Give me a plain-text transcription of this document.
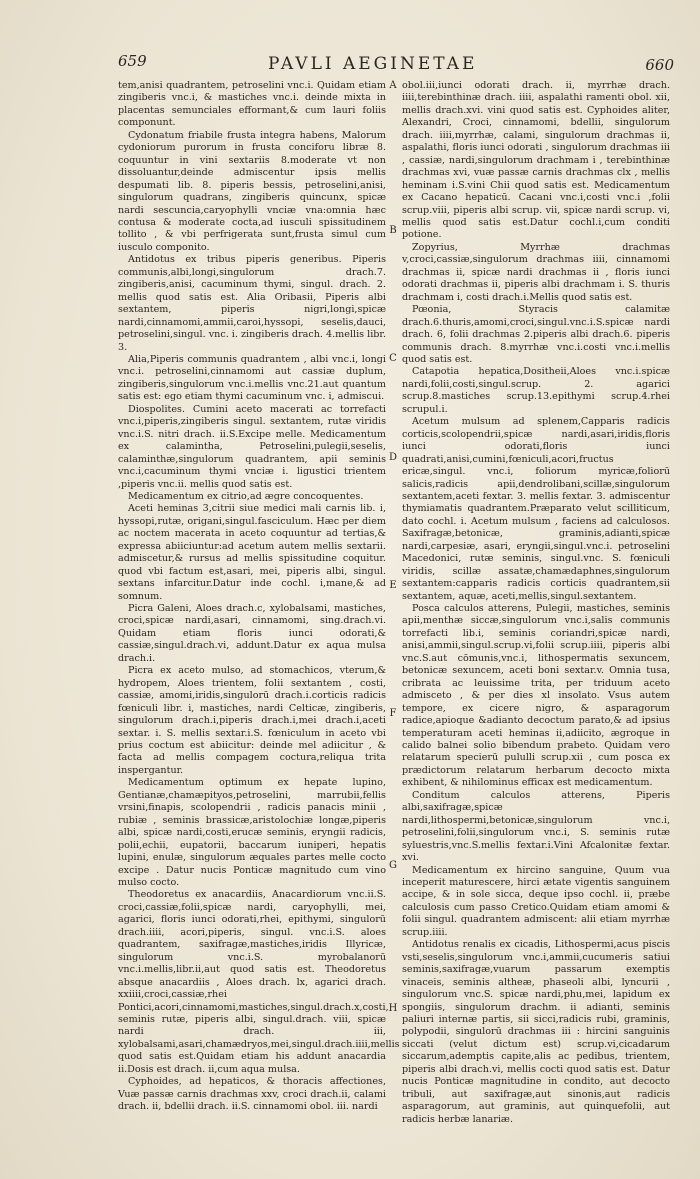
659	PAVLI AEGINETAE	660

tem,anisi quadrantem, petroselini vnc.i. Quidam etiam zingiberis vnc.i, & mastiches vnc.i. deinde mixta in placentas semunciales efformant,& cum lauri foliis componunt.

Cydonatum friabile frusta integra habens, Malorum cydoniorum purorum in frusta conciforu libræ 8. coquuntur in vini sextariis 8.moderate vt non dissoluantur,deinde admiscentur ipsis mellis despumati lib. 8. piperis bessis, petroselini,anisi, singulorum quadrans, zingiberis quincunx, spicæ nardi sescuncia,caryophylli vnciæ vna:omnia hæc contusa & moderate cocta,ad iusculi spissitudinem tollito , & vbi perfrigerata sunt,frusta simul cum iusculo componito.

Antidotus ex tribus piperis generibus. Piperis communis,albi,longi,singulorum drach.7. zingiberis,anisi, cacuminum thymi, singul. drach. 2. mellis quod satis est. Alia Oribasii, Piperis albi sextantem, piperis nigri,longi,spicæ nardi,cinnamomi,ammii,caroi,hyssopi, seselis,dauci, petroselini,singul. vnc. i. zingiberis drach. 4.mellis libr. 3.

Alia,Piperis communis quadrantem , albi vnc.i, longi vnc.i. petroselini,cinnamomi aut cassiæ duplum, zingiberis,singulorum vnc.i.mellis vnc.21.aut quantum satis est: ego etiam thymi cacuminum vnc. i, admiscui.

Diospolites. Cumini aceto macerati ac torrefacti vnc.i,piperis,zingiberis singul. sextantem, rutæ viridis vnc.i.S. nitri drach. ii.S.Excipe melle. Medicamentum ex calamintha, Petroselini,pulegii,seselis, calaminthæ,singulorum quadrantem, apii seminis vnc.i,cacuminum thymi vnciæ i. ligustici trientem ,piperis vnc.ii. mellis quod satis est.

Medicamentum ex citrio,ad ægre concoquentes.

Aceti heminas 3,citrii siue medici mali carnis lib. i, hyssopi,rutæ, origani,singul.fasciculum. Hæc per diem ac noctem macerata in aceto coquuntur ad tertias,& expressa abiiciuntur:ad acetum autem mellis sextarii. admiscetur,& rursus ad mellis spissitudine coquitur. quod vbi factum est,asari, mei, piperis albi, singul. sextans infarcitur.Datur inde cochl. i,mane,& ad somnum.

Picra Galeni, Aloes drach.c, xylobalsami, mastiches, croci,spicæ nardi,asari, cinnamomi, sing.drach.vi. Quidam etiam floris iunci odorati,& cassiæ,singul.drach.vi, addunt.Datur ex aqua mulsa drach.i.

Picra ex aceto mulso, ad stomachicos, vterum,& hydropem, Aloes trientem, folii sextantem , costi, cassiæ, amomi,iridis,singulorū drach.i.corticis radicis fœniculi libr. i, mastiches, nardi Celticæ, zingiberis, singulorum drach.i,piperis drach.i,mei drach.i,aceti sextar. i. S. mellis sextar.i.S. fœniculum in aceto vbi prius coctum est abiicitur: deinde mel adiicitur , & facta ad mellis compagem coctura,reliqua trita inspergantur.

Medicamentum optimum ex hepate lupino, Gentianæ,chamæpityos,petroselini, marrubii,fellis vrsini,finapis, scolopendrii , radicis panacis minii , rubiæ , seminis brassicæ,aristolochiæ longæ,piperis albi, spicæ nardi,costi,erucæ seminis, eryngii radicis, polii,echii, eupatorii, baccarum iuniperi, hepatis lupini, enulæ, singulorum æquales partes melle cocto excipe . Datur nucis Ponticæ magnitudo cum vino mulso cocto.

Theodoretus ex anacardiis, Anacardiorum vnc.ii.S. croci,cassiæ,folii,spicæ nardi, caryophylli, mei, agarici, floris iunci odorati,rhei, epithymi, singulorū drach.iiii, acori,piperis, singul. vnc.i.S. aloes quadrantem, saxifragæ,mastiches,iridis Illyricæ, singulorum vnc.i.S. myrobalanorū vnc.i.mellis,libr.ii,aut quod satis est. Theodoretus absque anacardiis , Aloes drach. lx, agarici drach. xxiiii,croci,cassiæ,rhei Pontici,acori,cinnamomi,mastiches,singul.drach.x,costi, seminis rutæ, piperis albi, singul.drach. viii, spicæ nardi drach. iii, xylobalsami,asari,chamædryos,mei,singul.drach.iiii,mellis quod satis est.Quidam etiam his addunt anacardia ii.Dosis est drach. ii,cum aqua mulsa.

Cyphoides, ad hepaticos, & thoracis affectiones, Vuæ passæ carnis drachmas xxv, croci drach.ii, calami drach. ii, bdellii drach. ii.S. cinnamomi obol. iii. nardi

A
B
C
D
E
F
G
H

obol.iii,iunci odorati drach. ii, myrrhæ drach. iiii,terebinthinæ drach. iiii, aspalathi ramenti obol. xii, mellis drach.xvi. vini quod satis est. Cyphoides aliter, Alexandri, Croci, cinnamomi, bdellii, singulorum drach. iiii,myrrhæ, calami, singulorum drachmas ii, aspalathi, floris iunci odorati , singulorum drachmas iii , cassiæ, nardi,singulorum drachmam i , terebinthinæ drachmas xvi, vuæ passæ carnis drachmas clx , mellis heminam i.S.vini Chii quod satis est. Medicamentum ex Cacano hepaticū. Cacani vnc.i,costi vnc.i ,folii scrup.viii, piperis albi scrup. vii, spicæ nardi scrup. vi, mellis quod satis est.Datur cochl.i,cum conditi potione.

Zopyrius, Myrrhæ drachmas v,croci,cassiæ,singulorum drachmas iiii, cinnamomi drachmas ii, spicæ nardi drachmas ii , floris iunci odorati drachmas ii, piperis albi drachmam i. S. thuris drachmam i, costi drach.i.Mellis quod satis est.

Pœonia, Styracis calamitæ drach.6.thuris,amomi,croci,singul.vnc.i.S.spicæ nardi drach. 6, folii drachmas 2.piperis albi drach.6. piperis communis drach. 8.myrrhæ vnc.i.costi vnc.i.mellis quod satis est.

Catapotia hepatica,Dositheii,Aloes vnc.i.spicæ nardi,folii,costi,singul.scrup. 2. agarici scrup.8.mastiches scrup.13.epithymi scrup.4.rhei scrupul.i.

Acetum mulsum ad splenem,Capparis radicis corticis,scolopendrii,spicæ nardi,asari,iridis,floris iunci odorati,floris iunci quadrati,anisi,cumini,fœniculi,acori,fructus ericæ,singul. vnc.i, foliorum myricæ,foliorū salicis,radicis apii,dendrolibani,scillæ,singulorum sextantem,aceti fextar. 3. mellis fextar. 3. admiscentur thymiamatis quadrantem.Præparato velut scilliticum, dato cochl. i. Acetum mulsum , faciens ad calculosos. Saxifragæ,betonicæ, graminis,adianti,spicæ nardi,carpesiæ, asari, eryngii,singul.vnc.i. petroselini Macedonici, rutæ seminis, singul.vnc. S. fœniculi viridis, scillæ assatæ,chamædaphnes,singulorum sextantem:capparis radicis corticis quadrantem,sii sextantem, aquæ, aceti,mellis,singul.sextantem.

Posca calculos atterens, Pulegii, mastiches, seminis apii,menthæ siccæ,singulorum vnc.i,salis communis torrefacti lib.i, seminis coriandri,spicæ nardi, anisi,ammii,singul.scrup.vi,folii scrup.iiii, piperis albi vnc.S.aut cōmunis,vnc.i, lithospermatis sexuncem, betonicæ sexuncem, aceti boni sextar.v. Omnia tusa, cribrata ac leuissime trita, per triduum aceto admisceto , & per dies xl insolato. Vsus autem tempore, ex cicere nigro, & asparagorum radice,apioque &adianto decoctum parato,& ad ipsius temperaturam aceti heminas ii,adiicito, ægroque in calido balnei solio bibendum prabeto. Quidam vero relatarum specierū pululli scrup.xii , cum posca ex prædictorum relatarum herbarum decocto mixta exhibent, & nihilominus efficax est medicamentum.

Conditum calculos atterens, Piperis albi,saxifragæ,spicæ nardi,lithospermi,betonicæ,singulorum vnc.i, petroselini,folii,singulorum vnc.i, S. seminis rutæ syluestris,vnc.S.mellis fextar.i.Vini Afcalonitæ fextar. xvi.

Medicamentum ex hircino sanguine, Quum vua inceperit maturescere, hirci ætate vigentis sanguinem accipe, & in sole sicca, deque ipso cochl. ii, præbe calculosis cum passo Cretico.Quidam etiam amomi & folii singul. quadrantem admiscent: alii etiam myrrhæ scrup.iiii.

Antidotus renalis ex cicadis, Lithospermi,acus piscis vsti,seselis,singulorum vnc.i,ammii,cucumeris satiui seminis,saxifragæ,vuarum passarum exemptis vinaceis, seminis altheæ, phaseoli albi, lyncurii , singulorum vnc.S. spicæ nardi,phu,mei, lapidum ex spongiis, singulorum drachm. ii adianti, seminis paliuri internæ partis, sii sicci,radicis rubi, graminis, polypodii, singulorū drachmas iii : hircini sanguinis siccati (velut dictum est) scrup.vi,cicadarum siccarum,ademptis capite,alis ac pedibus, trientem, piperis albi drach.vi, mellis cocti quod satis est. Datur nucis Ponticæ magnitudine in condito, aut decocto tribuli, aut saxifragæ,aut sinonis,aut radicis asparagorum, aut graminis, aut quinquefolii, aut radicis herbæ lanariæ.
